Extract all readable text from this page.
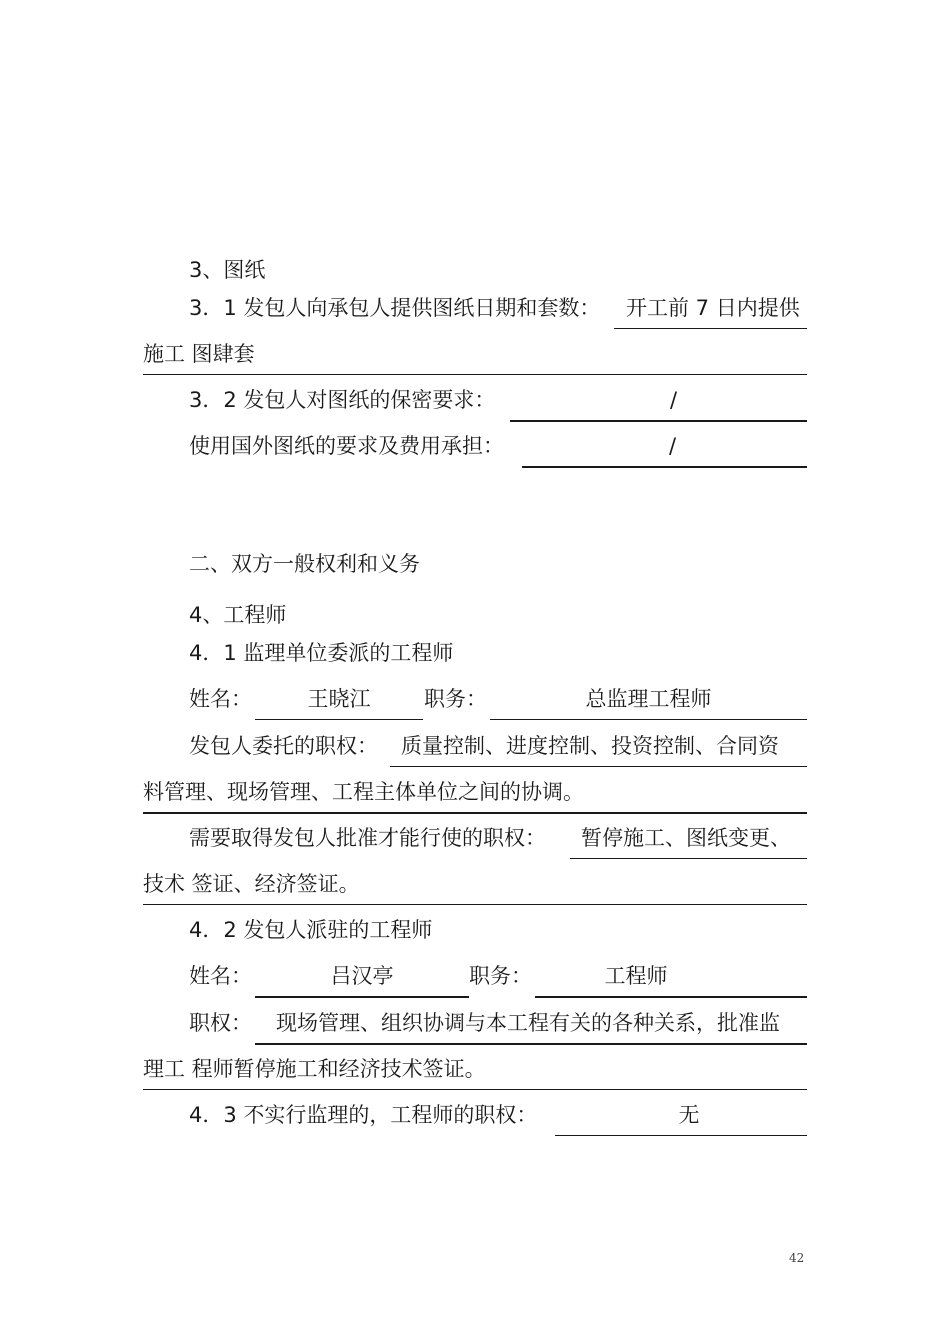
3、图纸
3．1 发包人向承包人提供图纸日期和套数： 开工前 7 日内提供
施工 图肆套
3．2 发包人对图纸的保密要求：	/
使用国外图纸的要求及费用承担：	/
二、双方一般权利和义务
4、工程师
4．1 监理单位委派的工程师
姓名：	王晓江	职务：	总监理工程师
发包人委托的职权： 质量控制、进度控制、投资控制、合同资
料管理、现场管理、工程主体单位之间的协调。
需要取得发包人批准才能行使的职权： 暂停施工、图纸变更、
技术 签证、经济签证。
4．2 发包人派驻的工程师
姓名：	吕汉亭	职务：	工程师
职权： 现场管理、组织协调与本工程有关的各种关系，批准监
理工 程师暂停施工和经济技术签证。
4．3 不实行监理的，工程师的职权：	无
42
